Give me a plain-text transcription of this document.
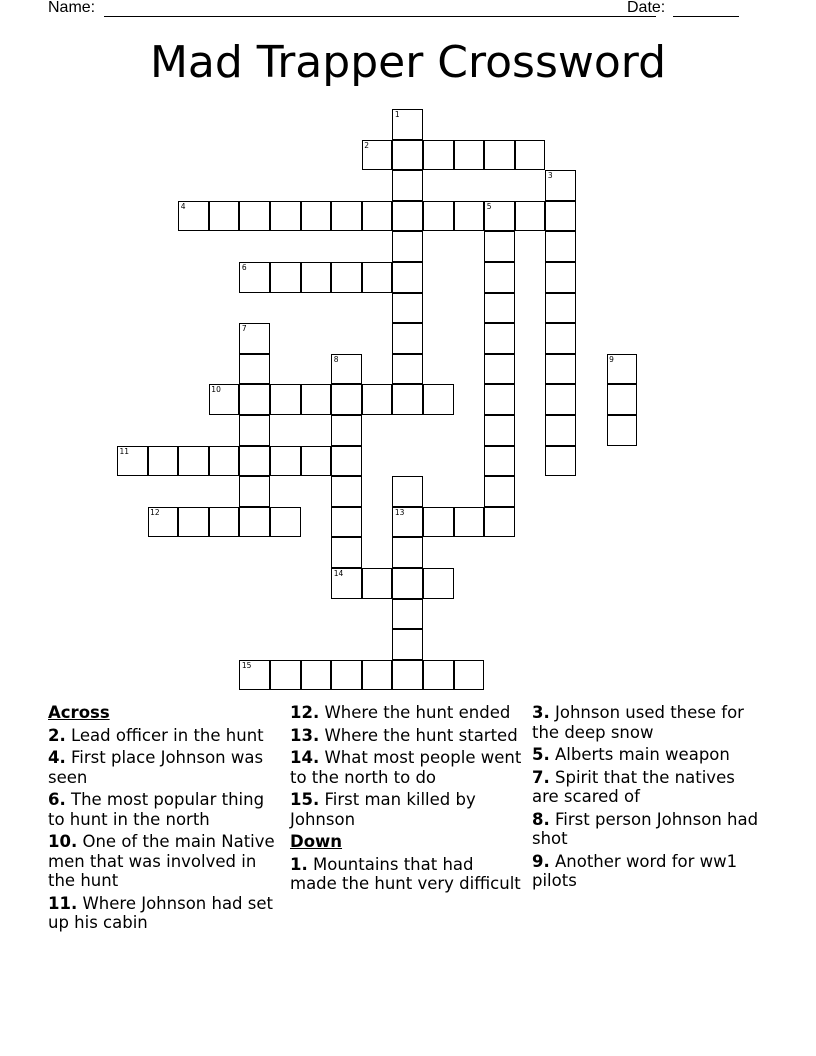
Name:	Date:
Mad Trapper Crossword
1
2
3
4	5
6
7
8	9
10
11
12	13
14
15
Across
2. Lead officer in the hunt
4. First place Johnson was seen
6. The most popular thing to hunt in the north
10. One of the main Native men that was involved in the hunt
11. Where Johnson had set up his cabin
12. Where the hunt ended
13. Where the hunt started
14. What most people went to the north to do
15. First man killed by Johnson
Down
1. Mountains that had made the hunt very difficult
3. Johnson used these for the deep snow
5. Alberts main weapon
7. Spirit that the natives are scared of
8. First person Johnson had shot
9. Another word for ww1 pilots
